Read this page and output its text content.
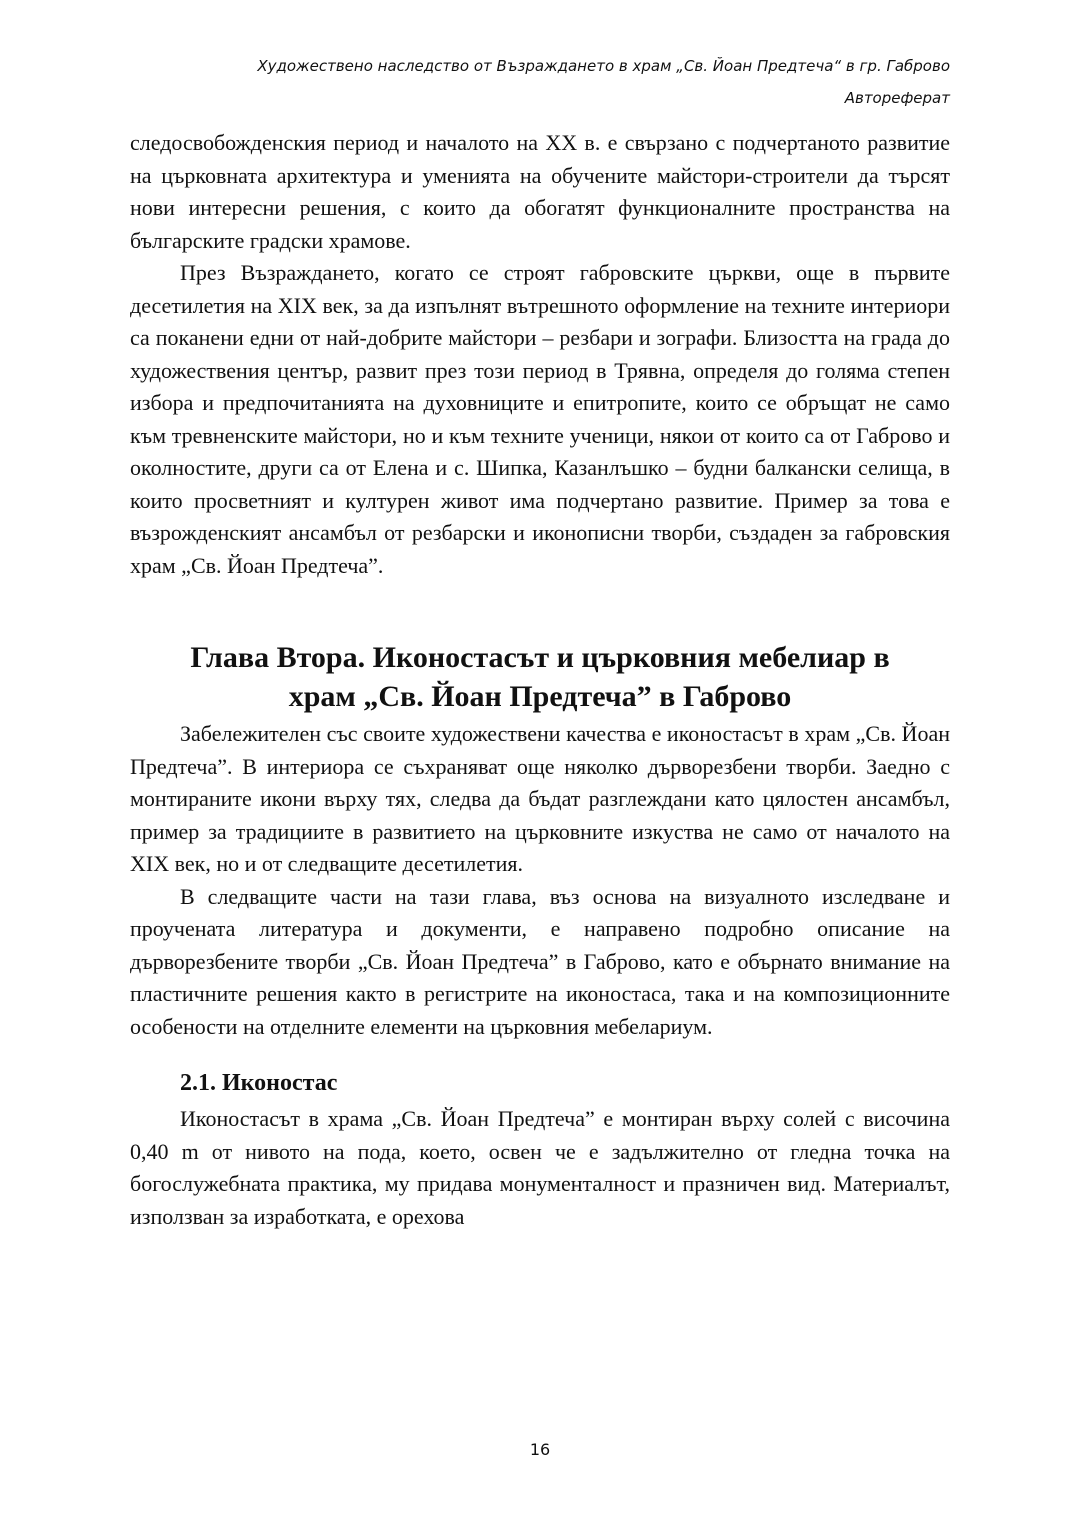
Художествено наследство от Възраждането в храм „Св. Йоан Предтеча“ в гр. Габрово
Автореферат

следосвобожденския период и началото на XX в. е свързано с подчертаното развитие на църковната архитектура и уменията на обучените майстори-строители да търсят нови интересни решения, с които да обогатят функционалните пространства на българските градски храмове.

През Възраждането, когато се строят габровските църкви, още в първите десетилетия на XIX век, за да изпълнят вътрешното оформление на техните интериори са поканени едни от най-добрите майстори – резбари и зографи. Близостта на града до художествения център, развит през този период в Трявна, определя до голяма степен избора и предпочитанията на духовниците и епитропите, които се обръщат не само към тревненските майстори, но и към техните ученици, някои от които са от Габрово и околностите, други са от Елена и с. Шипка, Казанлъшко – будни балкански селища, в които просветният и културен живот има подчертано развитие. Пример за това е възрожденският ансамбъл от резбарски и иконописни творби, създаден за габровския храм „Св. Йоан Предтеча”.

Глава Втора. Иконостасът и църковния мебелиар в
храм „Св. Йоан Предтеча” в Габрово

Забележителен със своите художествени качества е иконостасът в храм „Св. Йоан Предтеча”. В интериора се съхраняват още няколко дърворезбени творби. Заедно с монтираните икони върху тях, следва да бъдат разглеждани като цялостен ансамбъл, пример за традициите в развитието на църковните изкуства не само от началото на XIX век, но и от следващите десетилетия.

В следващите части на тази глава, въз основа на визуалното изследване и проучената литература и документи, е направено подробно описание на дърворезбените творби „Св. Йоан Предтеча” в Габрово, като е обърнато внимание на пластичните решения както в регистрите на иконостаса, така и на композиционните особености на отделните елементи на църковния мебелариум.

2.1. Иконостас

Иконостасът в храма „Св. Йоан Предтеча” е монтиран върху солей с височина 0,40 m от нивото на пода, което, освен че е задължително от гледна точка на богослужебната практика, му придава монументалност и празничен вид. Материалът, използван за изработката, е орехова

16
